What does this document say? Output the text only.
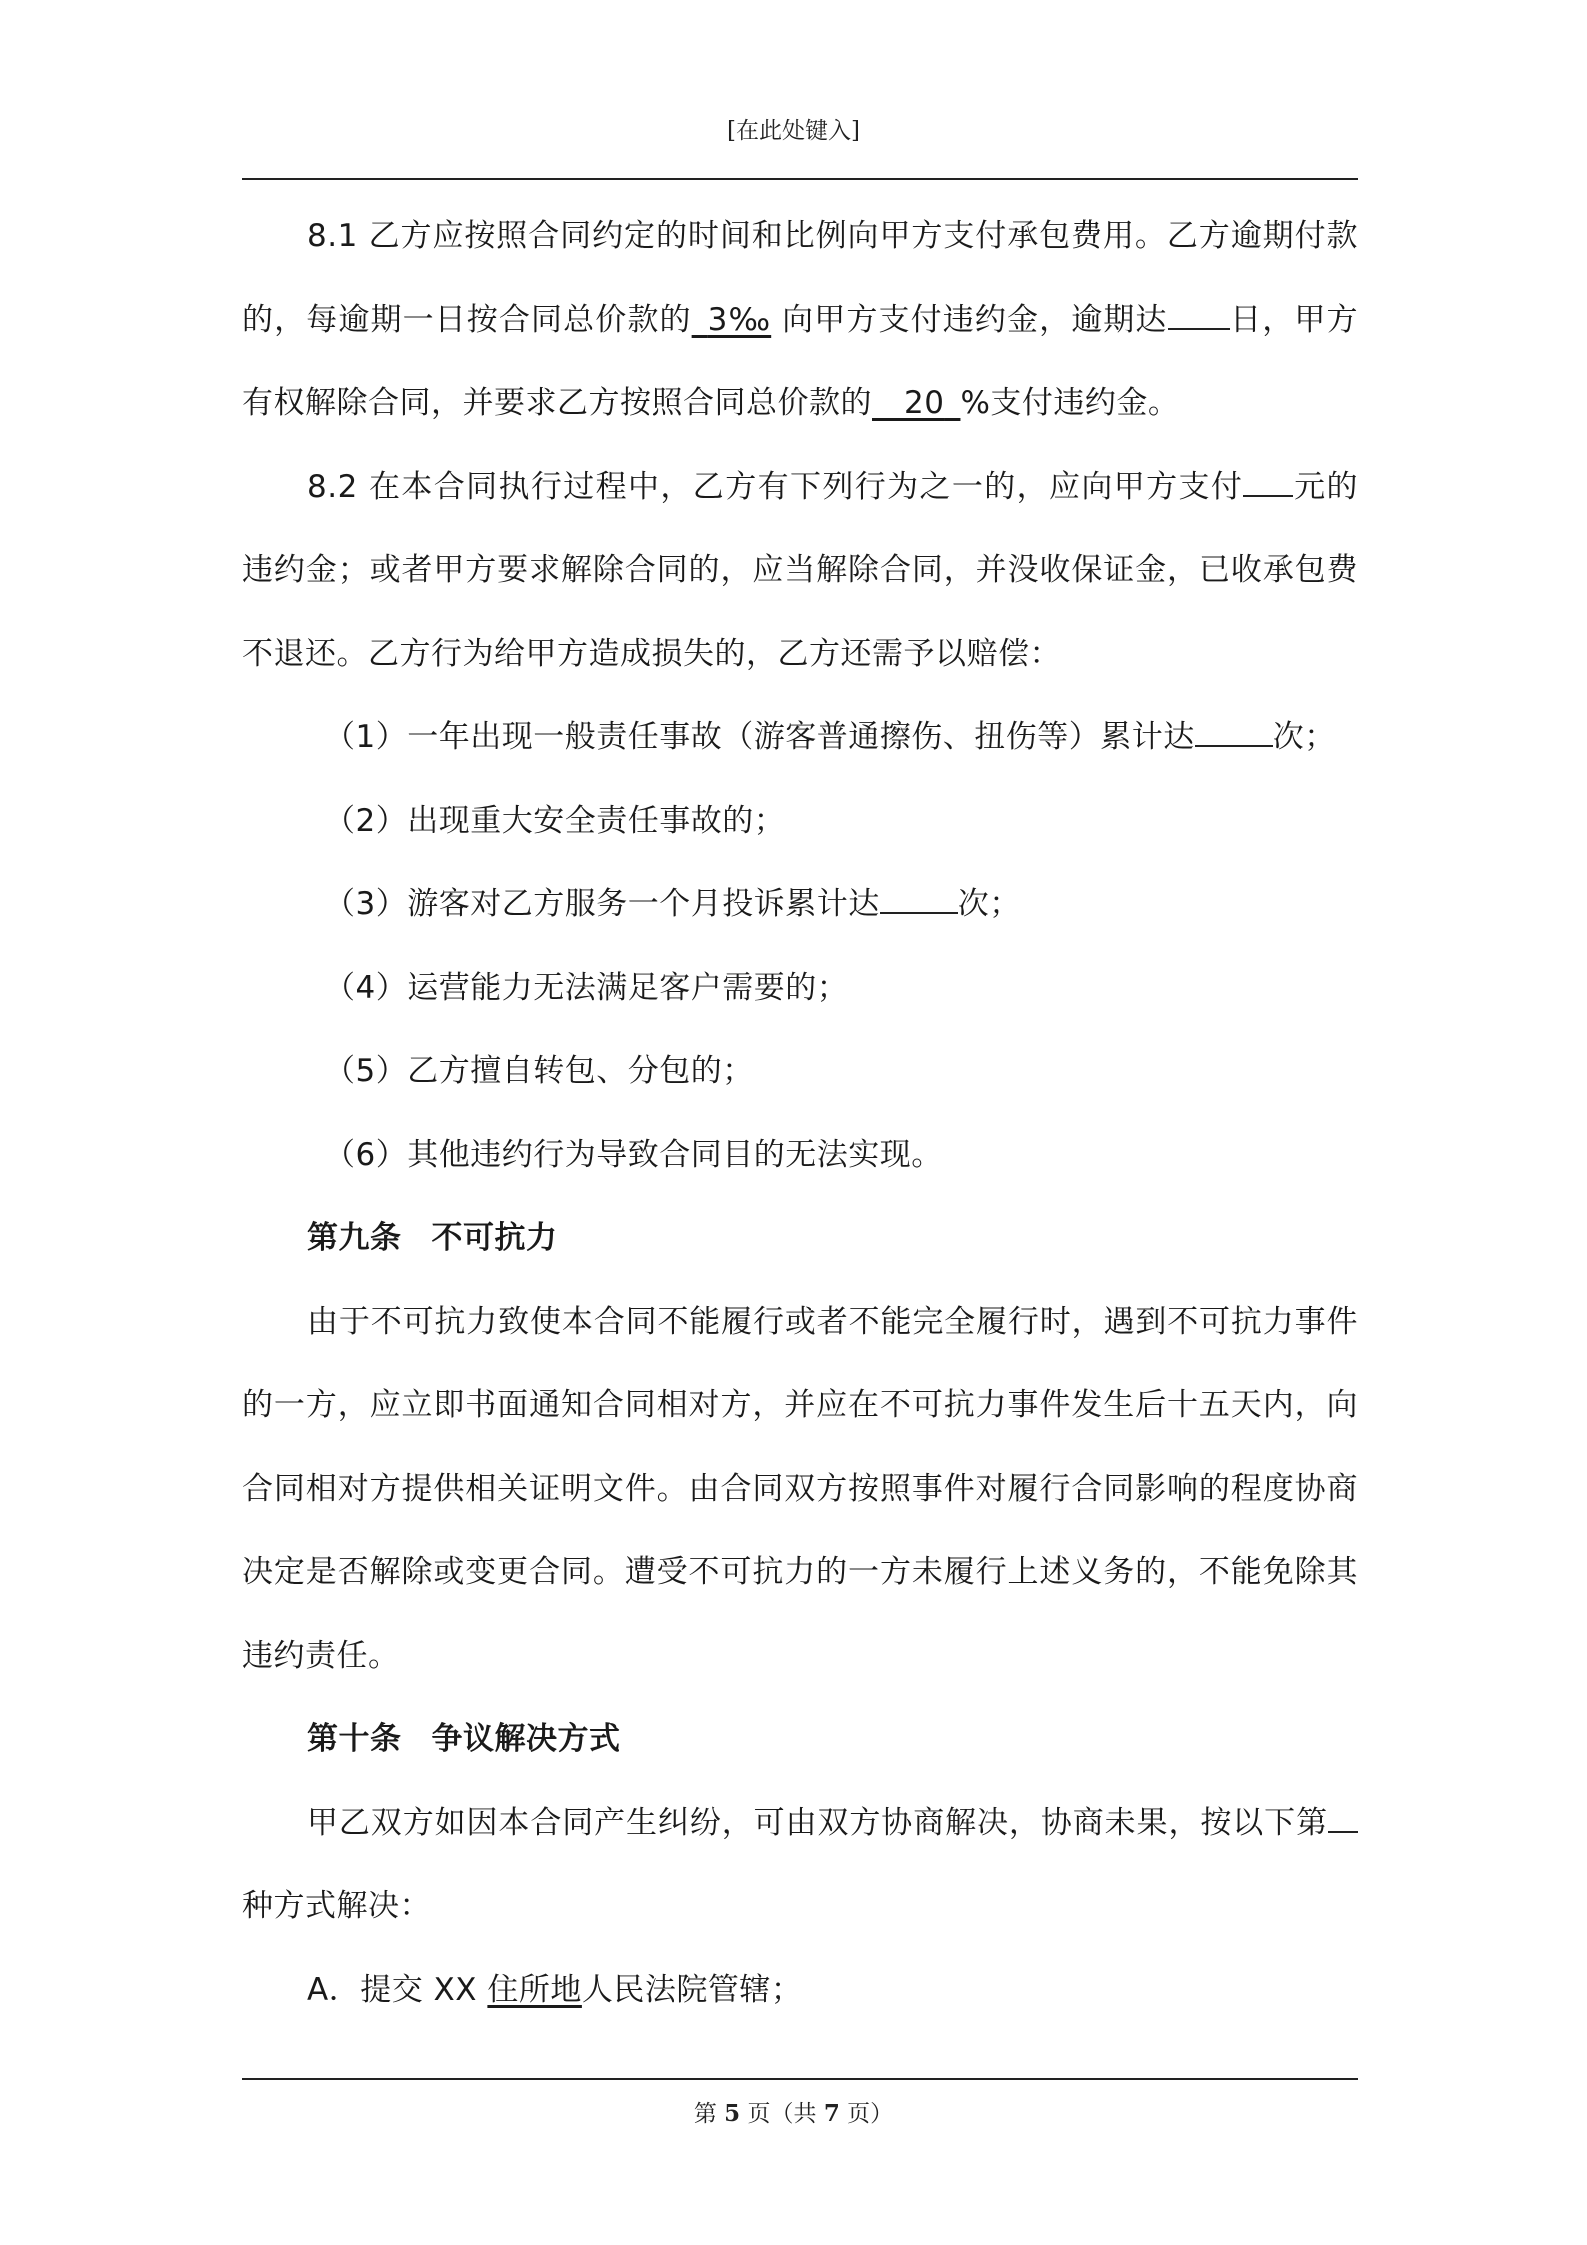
[在此处键入]

8.1 乙方应按照合同约定的时间和比例向甲方支付承包费用。乙方逾期付款的，每逾期一日按合同总价款的  3‰ 向甲方支付违约金，逾期达 日，甲方有权解除合同，并要求乙方按照合同总价款的   20  %支付违约金。

8.2 在本合同执行过程中，乙方有下列行为之一的，应向甲方支付 元的违约金；或者甲方要求解除合同的，应当解除合同，并没收保证金，已收承包费不退还。乙方行为给甲方造成损失的，乙方还需予以赔偿：

（1）一年出现一般责任事故（游客普通擦伤、扭伤等）累计达	次；

（2）出现重大安全责任事故的；

（3）游客对乙方服务一个月投诉累计达	次；

（4）运营能力无法满足客户需要的；

（5）乙方擅自转包、分包的；

（6）其他违约行为导致合同目的无法实现。

第九条 不可抗力

由于不可抗力致使本合同不能履行或者不能完全履行时，遇到不可抗力事件的一方，应立即书面通知合同相对方，并应在不可抗力事件发生后十五天内，向合同相对方提供相关证明文件。由合同双方按照事件对履行合同影响的程度协商决定是否解除或变更合同。遭受不可抗力的一方未履行上述义务的，不能免除其违约责任。

第十条 争议解决方式

甲乙双方如因本合同产生纠纷，可由双方协商解决，协商未果，按以下第种方式解决：

A．提交 XX 住所地人民法院管辖；

第 5 页（共 7 页）
